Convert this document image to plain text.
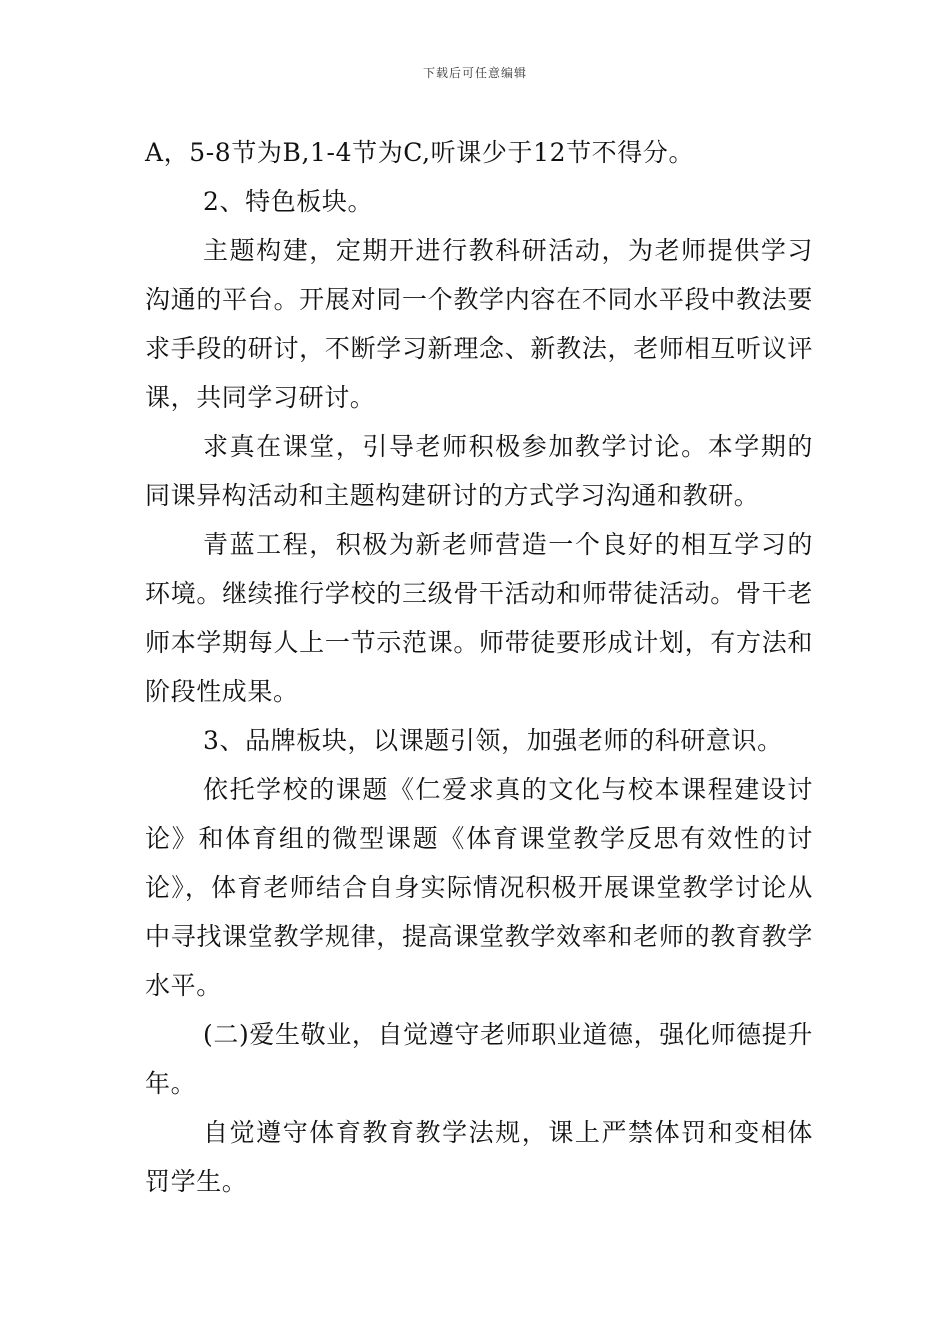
下载后可任意编辑

A，5-8节为B,1-4节为C,听课少于12节不得分。

2、特色板块。

主题构建，定期开进行教科研活动，为老师提供学习沟通的平台。开展对同一个教学内容在不同水平段中教法要求手段的研讨，不断学习新理念、新教法，老师相互听议评课，共同学习研讨。

求真在课堂，引导老师积极参加教学讨论。本学期的同课异构活动和主题构建研讨的方式学习沟通和教研。

青蓝工程，积极为新老师营造一个良好的相互学习的环境。继续推行学校的三级骨干活动和师带徒活动。骨干老师本学期每人上一节示范课。师带徒要形成计划，有方法和阶段性成果。

3、品牌板块，以课题引领，加强老师的科研意识。

依托学校的课题《仁爱求真的文化与校本课程建设讨论》和体育组的微型课题《体育课堂教学反思有效性的讨论》，体育老师结合自身实际情况积极开展课堂教学讨论从中寻找课堂教学规律，提高课堂教学效率和老师的教育教学水平。

(二)爱生敬业，自觉遵守老师职业道德，强化师德提升年。

自觉遵守体育教育教学法规，课上严禁体罚和变相体罚学生。
